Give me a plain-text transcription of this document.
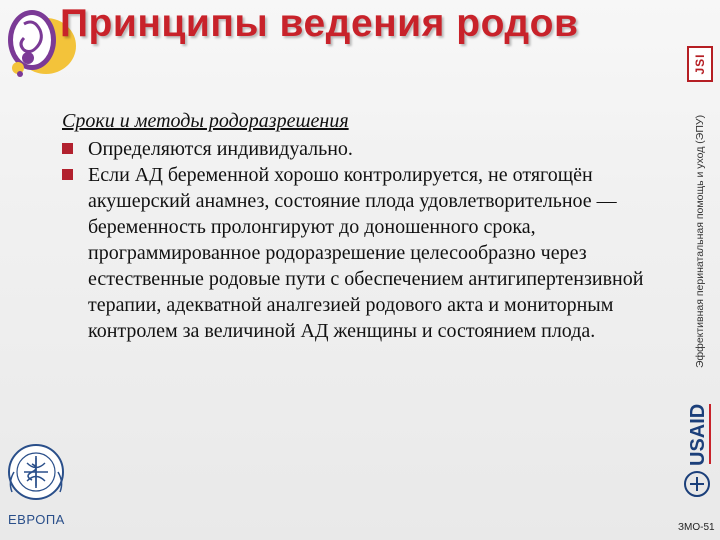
Принципы ведения родов
JSI
Эффективная перинатальная помощь и уход (ЭПУ)
USAID
Сроки и методы родоразрешения
Определяются индивидуально.
Если АД беременной хорошо контролируется, не отягощён акушерский анамнез, состояние плода удовлетворительное — беременность пролонгируют до доношенного срока, программированное родоразрешение целесообразно через естественные родовые пути с обеспечением антигипертензивной терапии, адекватной аналгезией родового акта и мониторным контролем за величиной АД женщины и состоянием плода.
ЕВРОПА
ЗМО-51
